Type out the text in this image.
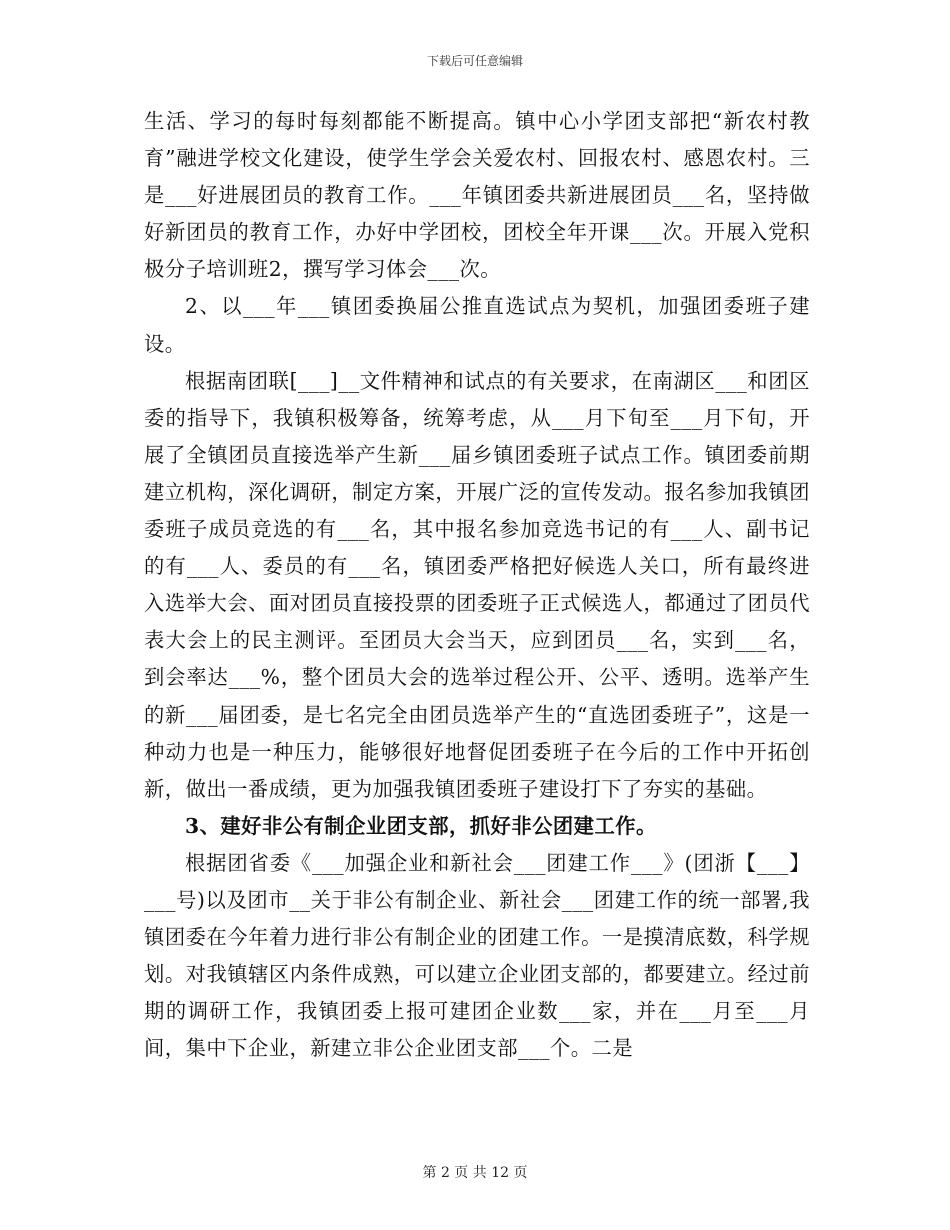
下载后可任意编辑

生活、学习的每时每刻都能不断提高。镇中心小学团支部把“新农村教育”融进学校文化建设，使学生学会关爱农村、回报农村、感恩农村。三是___好进展团员的教育工作。___年镇团委共新进展团员___名，坚持做好新团员的教育工作，办好中学团校，团校全年开课___次。开展入党积极分子培训班2，撰写学习体会___次。

2、以___年___镇团委换届公推直选试点为契机，加强团委班子建设。

根据南团联[___]__文件精神和试点的有关要求，在南湖区___和团区委的指导下，我镇积极筹备，统筹考虑，从___月下旬至___月下旬，开展了全镇团员直接选举产生新___届乡镇团委班子试点工作。镇团委前期建立机构，深化调研，制定方案，开展广泛的宣传发动。报名参加我镇团委班子成员竞选的有___名，其中报名参加竞选书记的有___人、副书记的有___人、委员的有___名，镇团委严格把好候选人关口，所有最终进入选举大会、面对团员直接投票的团委班子正式候选人，都通过了团员代表大会上的民主测评。至团员大会当天，应到团员___名，实到___名，到会率达___%，整个团员大会的选举过程公开、公平、透明。选举产生的新___届团委，是七名完全由团员选举产生的“直选团委班子”，这是一种动力也是一种压力，能够很好地督促团委班子在今后的工作中开拓创新，做出一番成绩，更为加强我镇团委班子建设打下了夯实的基础。

3、建好非公有制企业团支部，抓好非公团建工作。

根据团省委《___加强企业和新社会___团建工作___》(团浙【___】___号)以及团市__关于非公有制企业、新社会___团建工作的统一部署,我镇团委在今年着力进行非公有制企业的团建工作。一是摸清底数，科学规划。对我镇辖区内条件成熟，可以建立企业团支部的，都要建立。经过前期的调研工作，我镇团委上报可建团企业数___家，并在___月至___月间，集中下企业，新建立非公企业团支部___个。二是

第 2 页 共 12 页
